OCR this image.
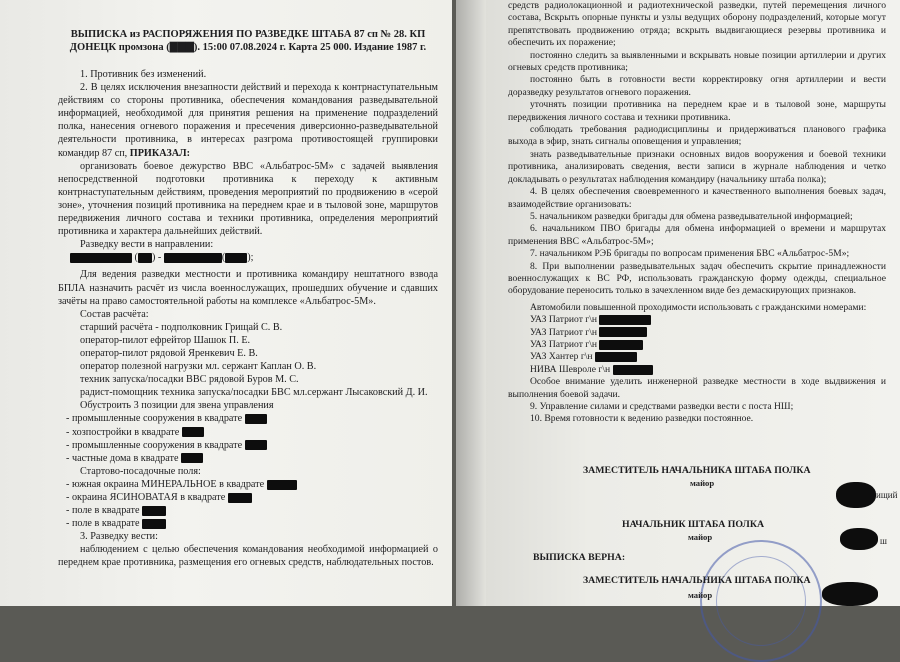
ВЫПИСКА из РАСПОРЯЖЕНИЯ ПО РАЗВЕДКЕ ШТАБА 87 сп № 28. КП ДОНЕЦК промзона (▇▇▇). 15:00 07.08.2024 г. Карта 25 000. Издание 1987 г.

1. Противник без изменений.

2. В целях исключения внезапности действий и перехода к контрнаступательным действиям со стороны противника, обеспечения командования разведывательной информацией, необходимой для принятия решения на применение подразделений полка, нанесения огневого поражения и пресечения диверсионно-разведывательной деятельности противника, в интересах разгрома противостоящей группировки командир 87 сп, ПРИКАЗАЛ:

организовать боевое дежурство ВВС «Альбатрос-5М» с задачей выявления непосредственной подготовки противника к переходу к активным контрнаступательным действиям, проведения мероприятий по продвижению в «серой зоне», уточнения позиций противника на переднем крае и в тыловой зоне, маршрутов передвижения личного состава и техники противника, определения мероприятий противника и характера дальнейших действий.

Разведку вести в направлении:

( ) -	( );

Для ведения разведки местности и противника командиру нештатного взвода БПЛА назначить расчёт из числа военнослужащих, прошедших обучение и сдавших зачёты на право самостоятельной работы на комплексе «Альбатрос-5М».

Состав расчёта:

старший расчёта - подполковник Грищай С. В.

оператор-пилот ефрейтор Шашок П. Е.

оператор-пилот рядовой Яренкевич Е. В.

оператор полезной нагрузки мл. сержант Каплан О. В.

техник запуска/посадки ВВС рядовой Буров М. С.

радист-помощник техника запуска/посадки БВС мл.сержант Лысаковский Д. И.

Обустроить 3 позиции для звена управления

- промышленные сооружения в квадрате

- хозпостройки в квадрате

- промышленные сооружения в квадрате

- частные дома в квадрате

Стартово-посадочные поля:

- южная окраина МИНЕРАЛЬНОЕ в квадрате

- окраина ЯСИНОВАТАЯ в квадрате

- поле в квадрате

- поле в квадрате

3. Разведку вести:

наблюдением с целью обеспечения командования необходимой информацией о переднем крае противника, размещения его огневых средств, наблюдательных постов.

средств радиолокационной и радиотехнической разведки, путей перемещения личного состава, Вскрыть опорные пункты и узлы ведущих оборону подразделений, которые могут препятствовать продвижению отряда; вскрыть выдвигающиеся резервы противника и обеспечить их поражение;

постоянно следить за выявленными и вскрывать новые позиции артиллерии и других огневых средств противника;

постоянно быть в готовности вести корректировку огня артиллерии и вести доразведку результатов огневого поражения.

уточнять позиции противника на переднем крае и в тыловой зоне, маршруты передвижения личного состава и техники противника.

соблюдать требования радиодисциплины и придерживаться планового графика выхода в эфир, знать сигналы оповещения и управления;

знать разведывательные признаки основных видов вооружения и боевой техники противника, анализировать сведения, вести записи в журнале наблюдения и четко докладывать о результатах наблюдения командиру (начальнику штаба полка);

4. В целях обеспечения своевременного и качественного выполнения боевых задач, взаимодействие организовать:

5. начальником разведки бригады для обмена разведывательной информацией;

6. начальником ПВО бригады для обмена информацией о времени и маршрутах применения ВВС «Альбатрос-5М»;

7. начальником РЭБ бригады по вопросам применения БВС «Альбатрос-5М»;

8. При выполнении разведывательных задач обеспечить скрытие принадлежности военнослужащих к ВС РФ, использовать гражданскую форму одежды, специальное оборудование переносить только в зачехленном виде без демаскирующих признаков.

Автомобили повышенной проходимости использовать с гражданскими номерами:

УАЗ Патриот г\н

УАЗ Патриот г\н

УАЗ Патриот г\н

УАЗ Хантер г\н

НИВА Шевроле г\н

Особое внимание уделить инженерной разведке местности в ходе выдвижения и выполнения боевой задачи.

9. Управление силами и средствами разведки вести с поста НШ;

10. Время готовности к ведению разведки постоянное.

ЗАМЕСТИТЕЛЬ НАЧАЛЬНИКА ШТАБА ПОЛКА
майор
ищий
НАЧАЛЬНИК ШТАБА ПОЛКА
майор	ш
ВЫПИСКА ВЕРНА:
ЗАМЕСТИТЕЛЬ НАЧАЛЬНИКА ШТАБА ПОЛКА
майор
